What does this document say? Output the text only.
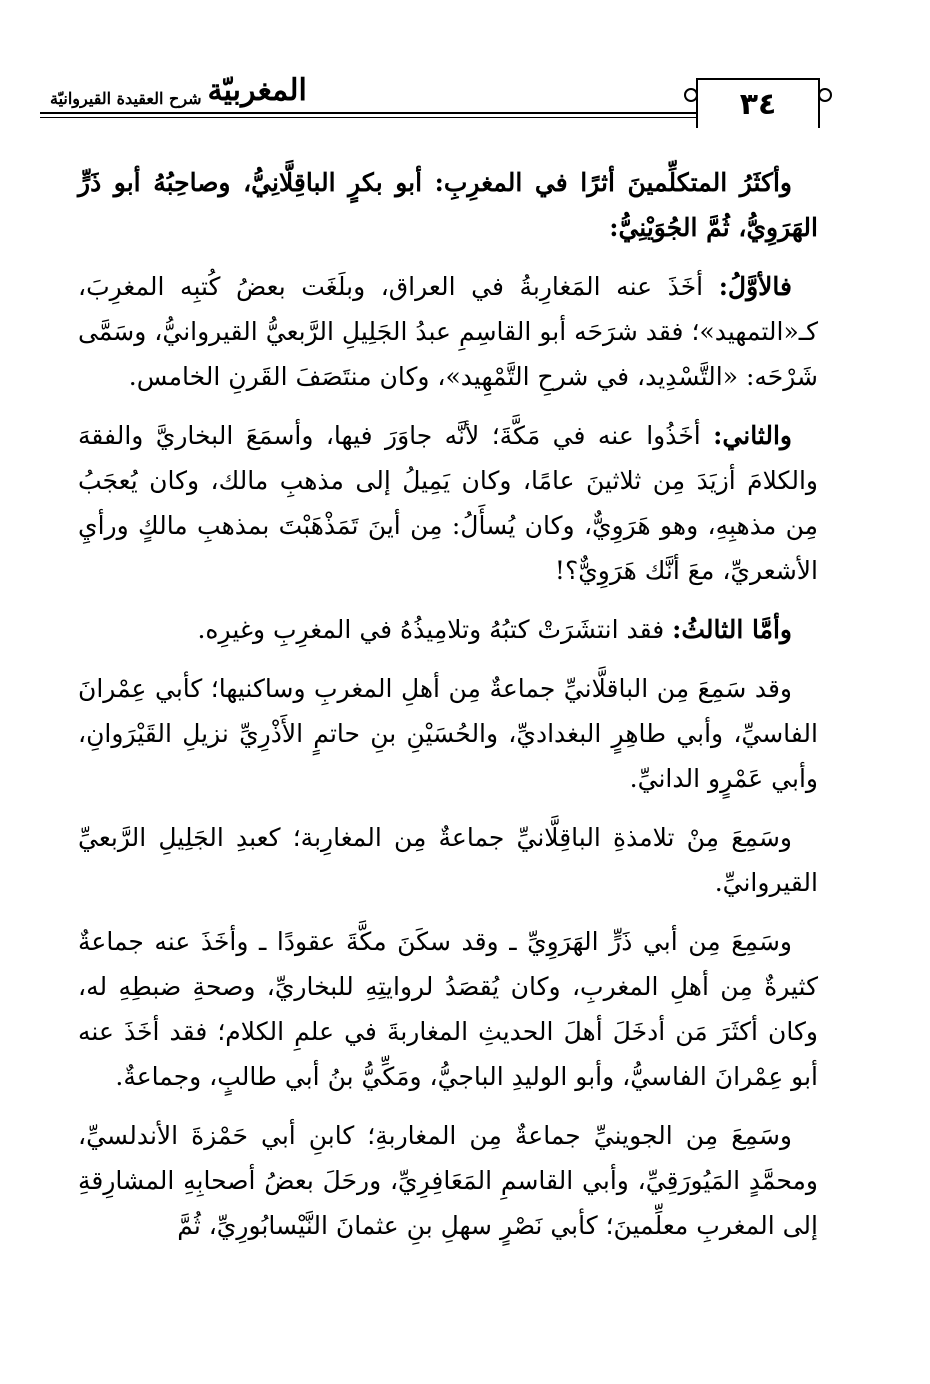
المغربيّة
شرح العقيدة القيروانيّة	٣٤

وأكثَرُ المتكلِّمينَ أثرًا في المغرِبِ: أبو بكرٍ الباقِلَّانِيُّ، وصاحِبُهُ أبو ذَرٍّ الهَرَوِيُّ، ثُمَّ الجُوَيْنِيُّ:

فالأوَّلُ: أخَذَ عنه المَغارِبةُ في العراق، وبلَغَت بعضُ كُتبِه المغرِبَ، كـ«التمهيد»؛ فقد شرَحَه أبو القاسِمِ عبدُ الجَلِيلِ الرَّبعيُّ القيروانيُّ، وسَمَّى شَرْحَه: «التَّسْدِيد، في شرحِ التَّمْهِيد»، وكان منتَصَفَ القَرنِ الخامس.

والثاني: أخَذُوا عنه في مَكَّةَ؛ لأنَّه جاوَرَ فيها، وأسمَعَ البخاريَّ والفقهَ والكلامَ أزيَدَ مِن ثلاثينَ عامًا، وكان يَمِيلُ إلى مذهبِ مالك، وكان يُعجَبُ مِن مذهبِهِ، وهو هَرَوِيٌّ، وكان يُسأَلُ: مِن أينَ تَمَذْهَبْتَ بمذهبِ مالكٍ ورأيِ الأشعريِّ، معَ أنَّك هَرَوِيٌّ؟!

وأمَّا الثالثُ: فقد انتشَرَتْ كتبُهُ وتلامِيذُهُ في المغرِبِ وغيرِه.

وقد سَمِعَ مِن الباقلَّانيِّ جماعةٌ مِن أهلِ المغربِ وساكنيها؛ كأبي عِمْرانَ الفاسيِّ، وأبي طاهِرٍ البغداديِّ، والحُسَيْنِ بنِ حاتمٍ الأَذْرِيِّ نزيلِ القَيْرَوانِ، وأبي عَمْرٍو الدانيِّ.

وسَمِعَ مِنْ تلامذةِ الباقِلَّانيِّ جماعةٌ مِن المغارِبة؛ كعبدِ الجَلِيلِ الرَّبعيِّ القيروانيِّ.

وسَمِعَ مِن أبي ذَرٍّ الهَرَوِيِّ ـ وقد سكَنَ مكَّةَ عقودًا ـ وأخَذَ عنه جماعةٌ كثيرةٌ مِن أهلِ المغربِ، وكان يُقصَدُ لروايتِهِ للبخاريِّ، وصحةِ ضبطِهِ له، وكان أكثَرَ مَن أدخَلَ أهلَ الحديثِ المغاربةَ في علمِ الكلام؛ فقد أخَذَ عنه أبو عِمْرانَ الفاسيُّ، وأبو الوليدِ الباجيُّ، ومَكِّيُّ بنُ أبي طالبٍ، وجماعةٌ.

وسَمِعَ مِن الجوينيِّ جماعةٌ مِن المغاربةِ؛ كابنِ أبي حَمْزةَ الأندلسيِّ، ومحمَّدٍ المَيُورَقِيِّ، وأبي القاسمِ المَعَافِرِيِّ، ورحَلَ بعضُ أصحابِهِ المشارِقةِ إلى المغربِ معلِّمينَ؛ كأبي نَصْرٍ سهلِ بنِ عثمانَ النَّيْسابُورِيِّ، ثُمَّ
